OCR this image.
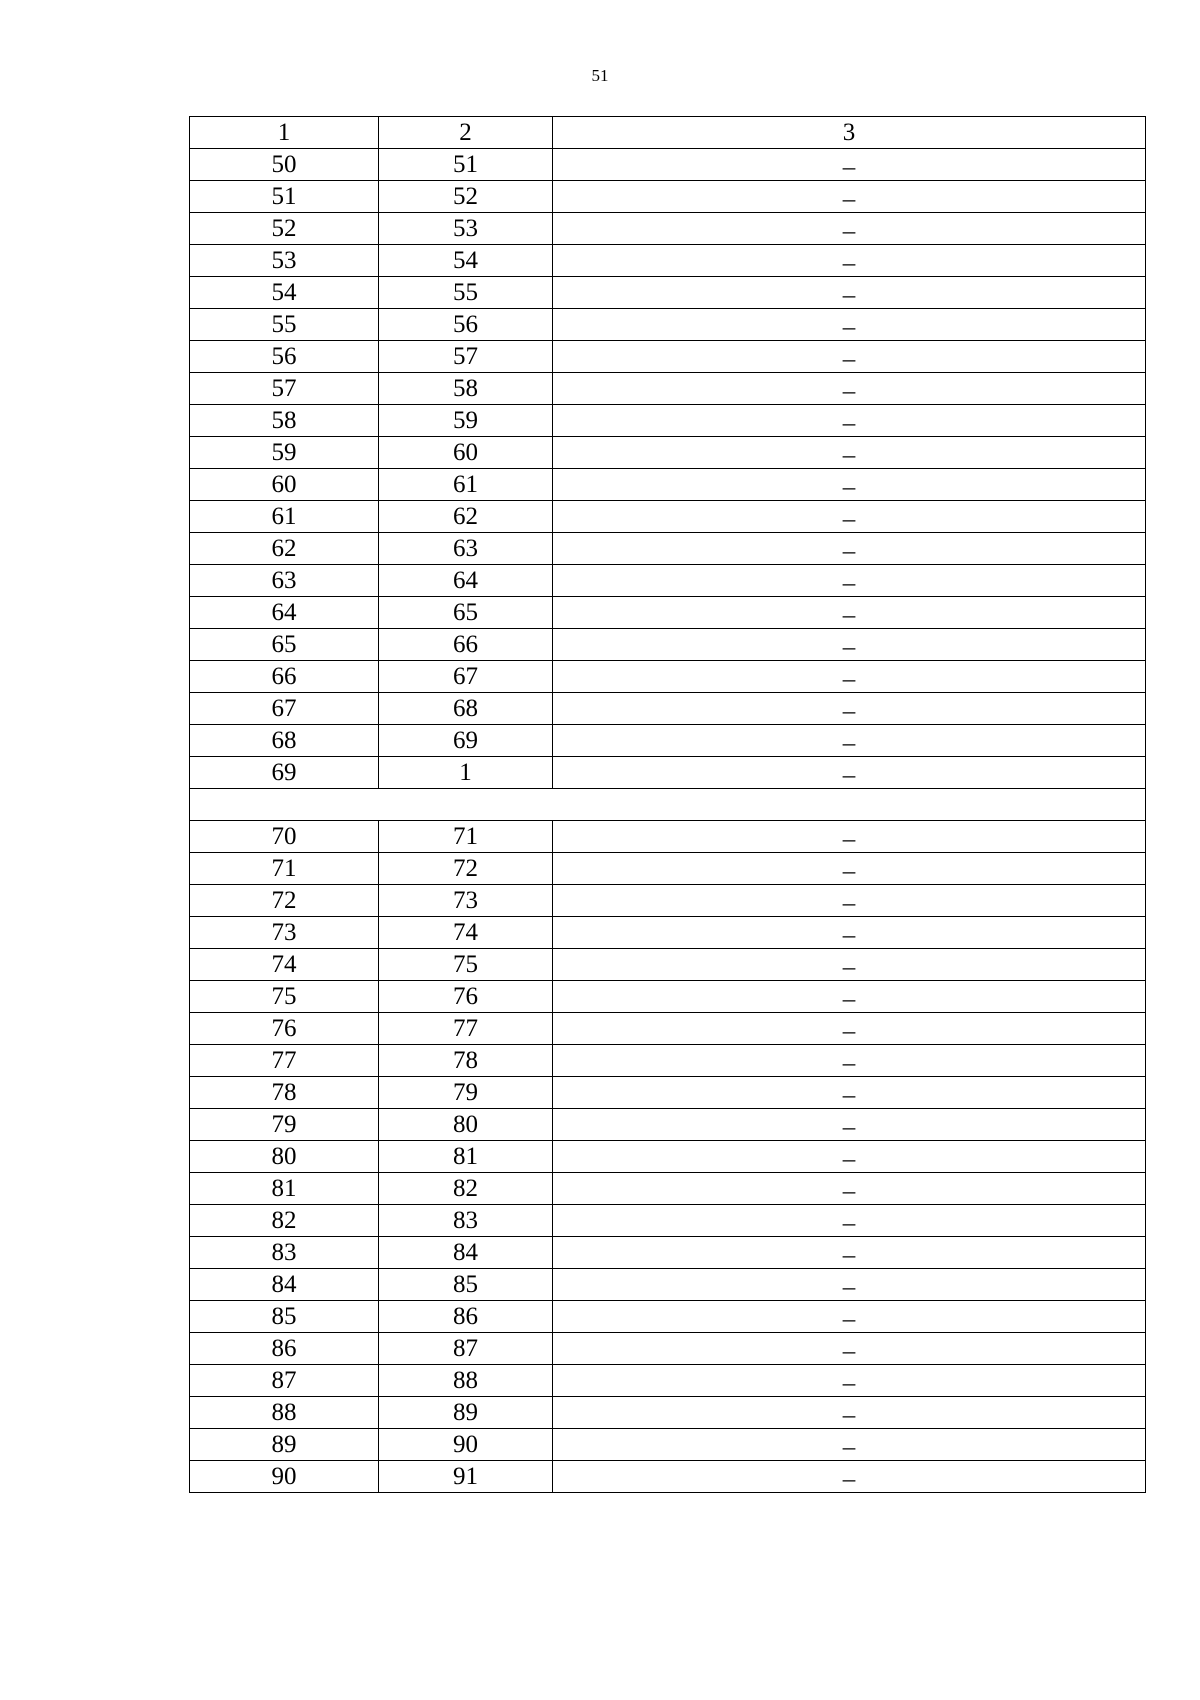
51
1	2	3
50	51	–
51	52	–
52	53	–
53	54	–
54	55	–
55	56	–
56	57	–
57	58	–
58	59	–
59	60	–
60	61	–
61	62	–
62	63	–
63	64	–
64	65	–
65	66	–
66	67	–
67	68	–
68	69	–
69	1	–

70	71	–
71	72	–
72	73	–
73	74	–
74	75	–
75	76	–
76	77	–
77	78	–
78	79	–
79	80	–
80	81	–
81	82	–
82	83	–
83	84	–
84	85	–
85	86	–
86	87	–
87	88	–
88	89	–
89	90	–
90	91	–
